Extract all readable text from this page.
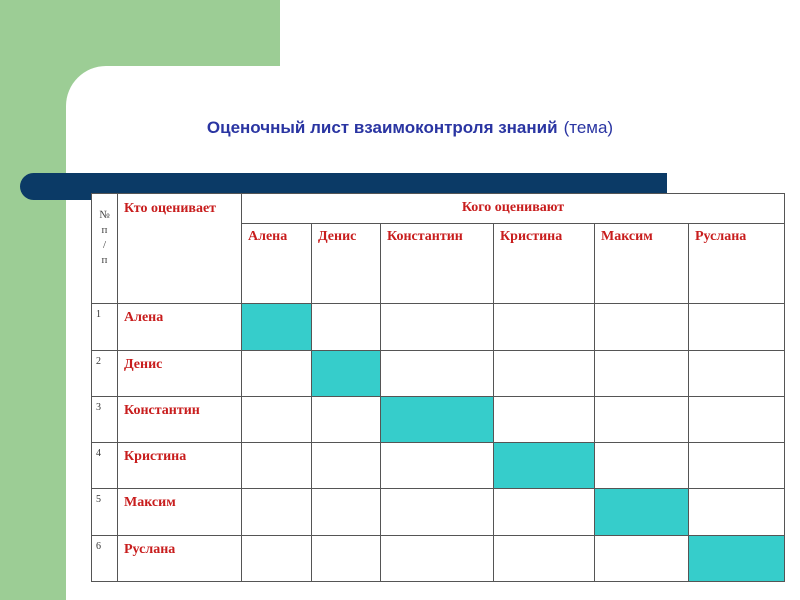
Оценочный лист взаимоконтроля знаний (тема)
№
п
/
п	Кто оценивает	Кого оценивают					
		Алена	Денис	Константин	Кристина	Максим	Руслана
1	Алена						
2	Денис						
3	Константин						
4	Кристина						
5	Максим						
6	Руслана						
